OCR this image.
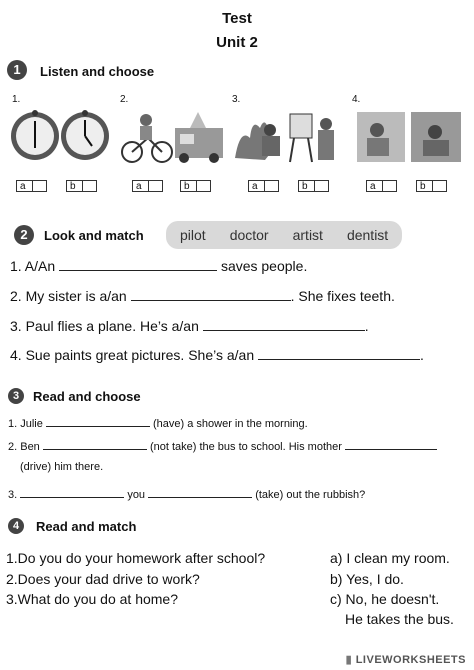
Test
Unit 2
1	Listen and choose
1.	2.	3.	4.
a	b	a	b	a	b	a	b
2	Look and match	pilot doctor artist dentist
1. A/An	saves people.
2. My sister is a/an	. She fixes teeth.
3. Paul flies a plane. He’s a/an	.
4. Sue paints great pictures. She’s a/an	.
3	Read and choose
1. Julie	(have) a shower in the morning.
2. Ben	(not take) the bus to school. His mother
(drive) him there.
3.	you	(take) out the rubbish?
4	Read and match
1.Do you do your homework after school?
2.Does your dad drive to work?
3.What do you do at home?
a) I clean my room.
b) Yes, I do.
c) No, he doesn't.
He takes the bus.
▮ LIVEWORKSHEETS
